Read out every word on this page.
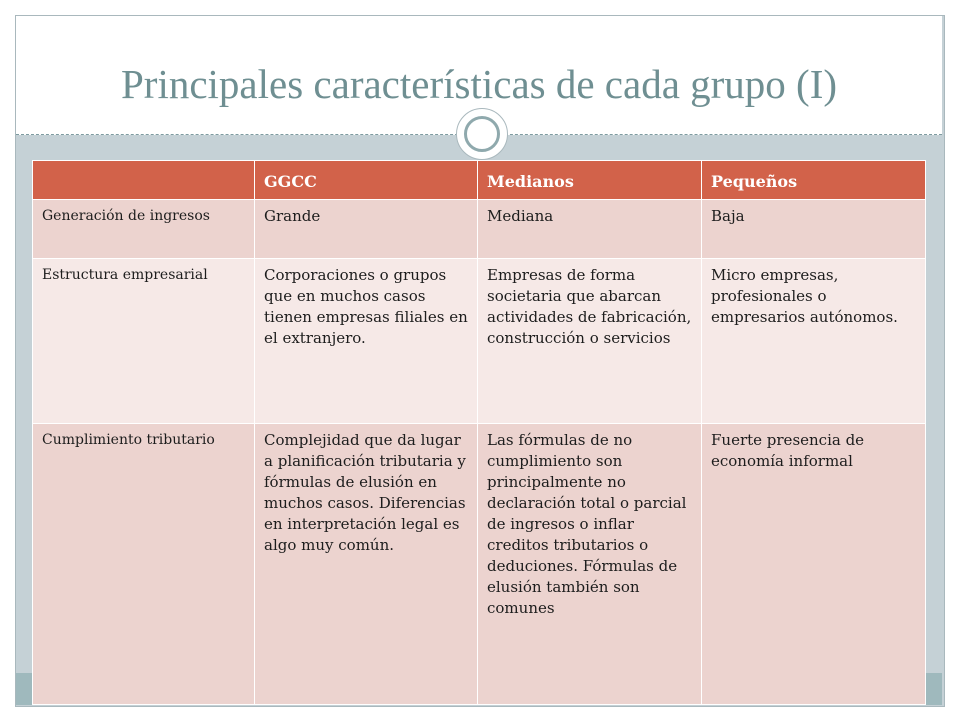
Principales características de cada grupo (I)
	GGCC	Medianos	Pequeños
Generación de ingresos	Grande	Mediana	Baja
Estructura empresarial	Corporaciones o grupos que en muchos casos tienen empresas filiales en el extranjero.	Empresas de forma societaria que abarcan actividades de fabricación, construcción o servicios	Micro empresas, profesionales o empresarios autónomos.
Cumplimiento tributario	Complejidad que da lugar a planificación tributaria y fórmulas de elusión en muchos casos. Diferencias en interpretación legal es algo muy común.	Las fórmulas de no cumplimiento son principalmente no declaración total o parcial de ingresos o inflar creditos tributarios o deduciones. Fórmulas de elusión también son comunes	Fuerte presencia de economía informal
